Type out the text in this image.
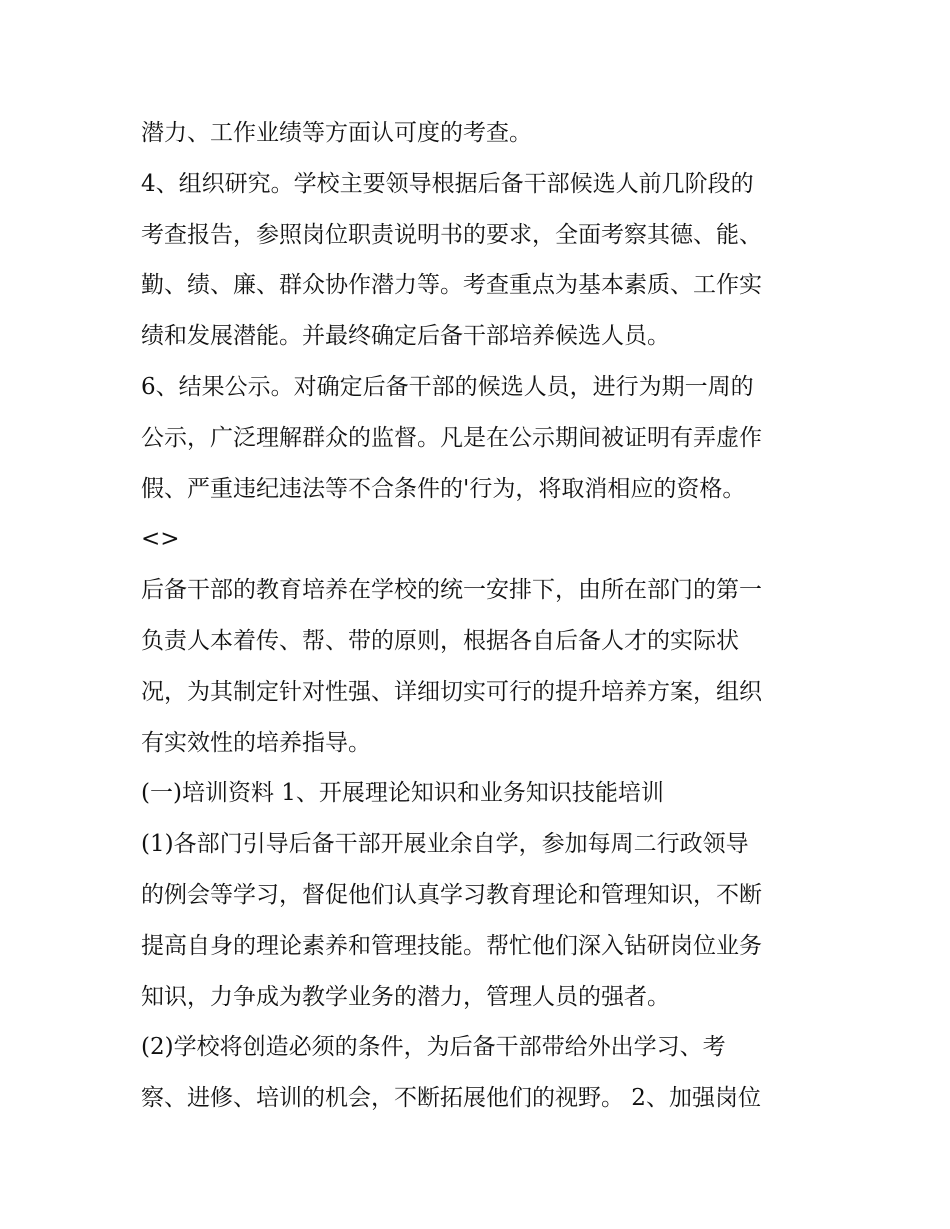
潜力、工作业绩等方面认可度的考查。
4、组织研究。学校主要领导根据后备干部候选人前几阶段的
考查报告，参照岗位职责说明书的要求，全面考察其德、能、
勤、绩、廉、群众协作潜力等。考查重点为基本素质、工作实
绩和发展潜能。并最终确定后备干部培养候选人员。
6、结果公示。对确定后备干部的候选人员，进行为期一周的
公示，广泛理解群众的监督。凡是在公示期间被证明有弄虚作
假、严重违纪违法等不合条件的'行为，将取消相应的资格。
<>
后备干部的教育培养在学校的统一安排下，由所在部门的第一
负责人本着传、帮、带的原则，根据各自后备人才的实际状
况，为其制定针对性强、详细切实可行的提升培养方案，组织
有实效性的培养指导。
(一)培训资料 1、开展理论知识和业务知识技能培训
(1)各部门引导后备干部开展业余自学，参加每周二行政领导
的例会等学习，督促他们认真学习教育理论和管理知识，不断
提高自身的理论素养和管理技能。帮忙他们深入钻研岗位业务
知识，力争成为教学业务的潜力，管理人员的强者。
(2)学校将创造必须的条件，为后备干部带给外出学习、考
察、进修、培训的机会，不断拓展他们的视野。 2、加强岗位
